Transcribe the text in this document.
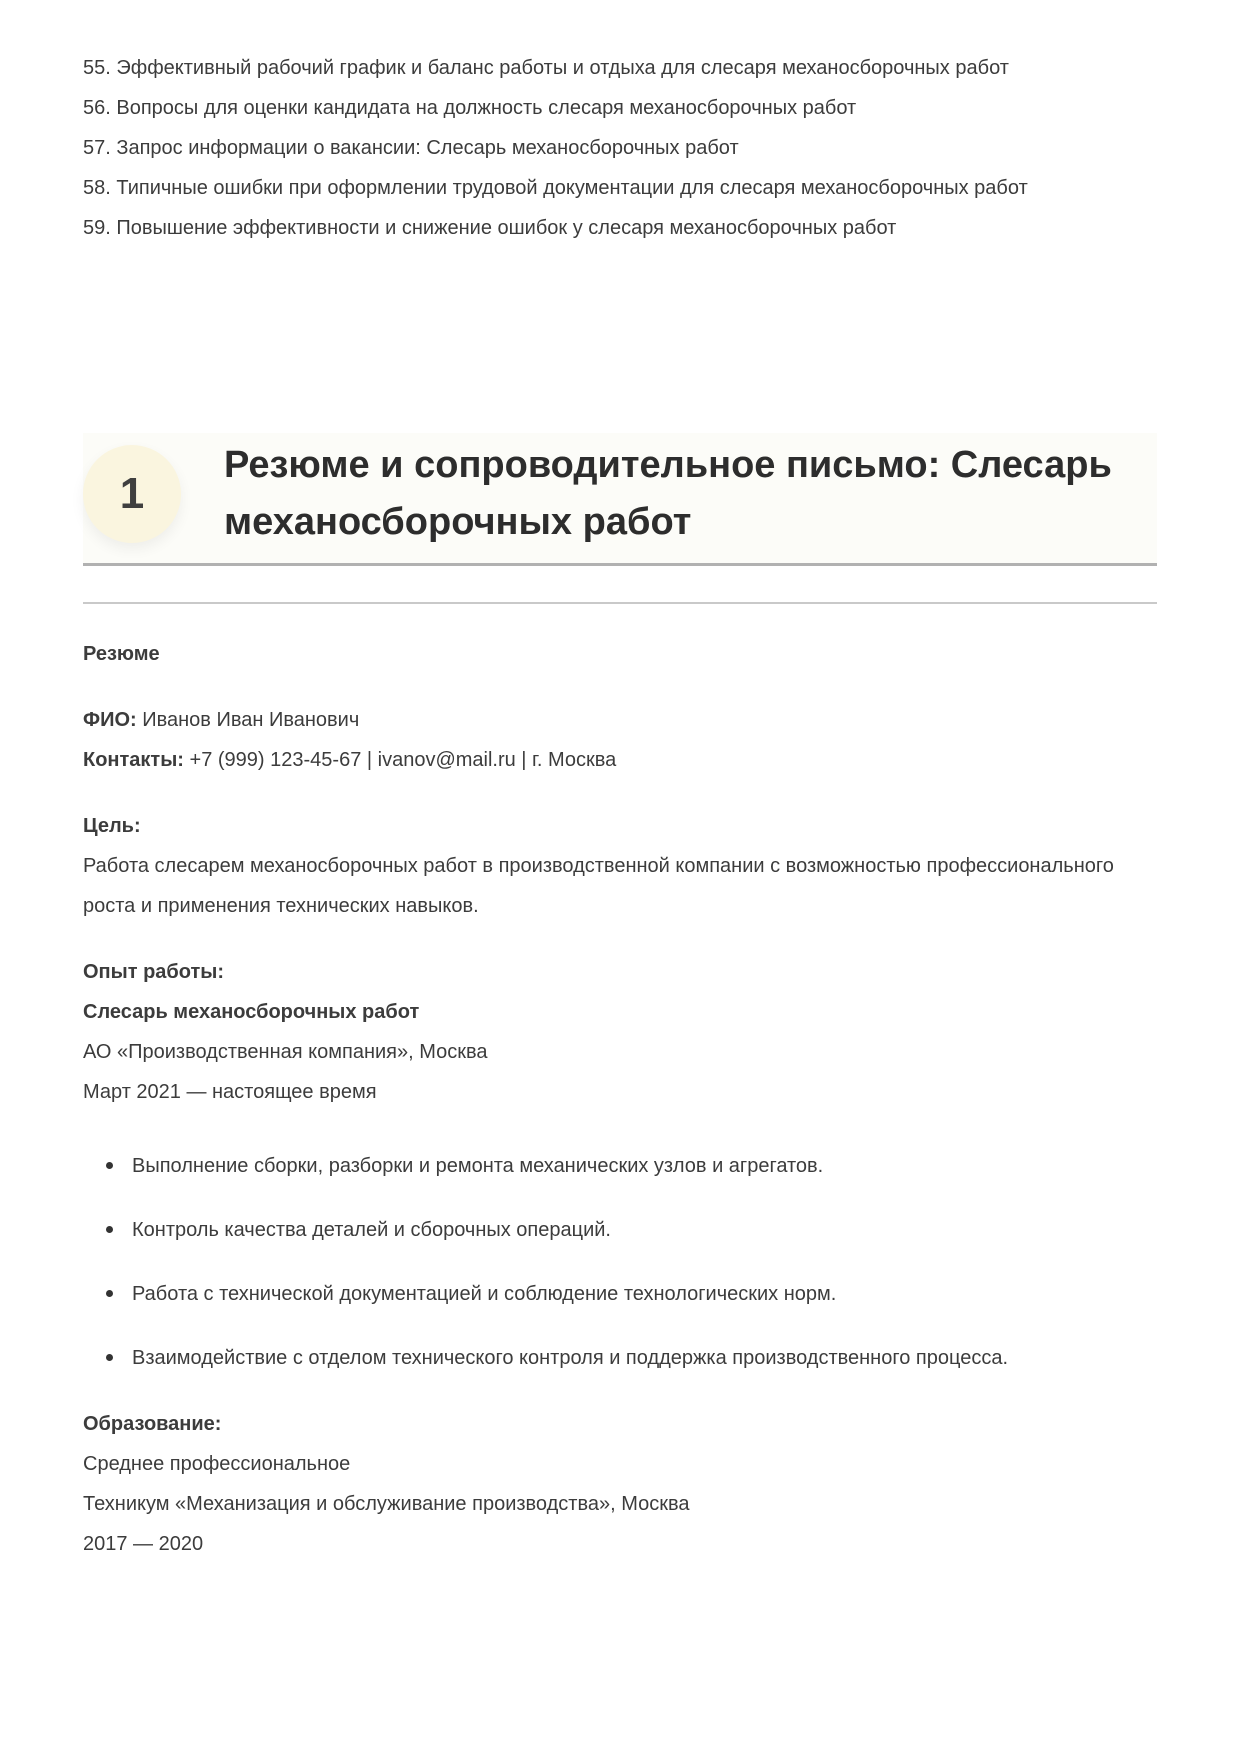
55. Эффективный рабочий график и баланс работы и отдыха для слесаря механосборочных работ

56. Вопросы для оценки кандидата на должность слесаря механосборочных работ

57. Запрос информации о вакансии: Слесарь механосборочных работ

58. Типичные ошибки при оформлении трудовой документации для слесаря механосборочных работ

59. Повышение эффективности и снижение ошибок у слесаря механосборочных работ

1
Резюме и сопроводительное письмо: Слесарь механосборочных работ

Резюме

ФИО: Иванов Иван Иванович
Контакты: +7 (999) 123-45-67 | ivanov@mail.ru | г. Москва

Цель:
Работа слесарем механосборочных работ в производственной компании с возможностью профессионального роста и применения технических навыков.

Опыт работы:
Слесарь механосборочных работ
АО «Производственная компания», Москва
Март 2021 — настоящее время

Выполнение сборки, разборки и ремонта механических узлов и агрегатов.
Контроль качества деталей и сборочных операций.
Работа с технической документацией и соблюдение технологических норм.
Взаимодействие с отделом технического контроля и поддержка производственного процесса.

Образование:
Среднее профессиональное
Техникум «Механизация и обслуживание производства», Москва
2017 — 2020
